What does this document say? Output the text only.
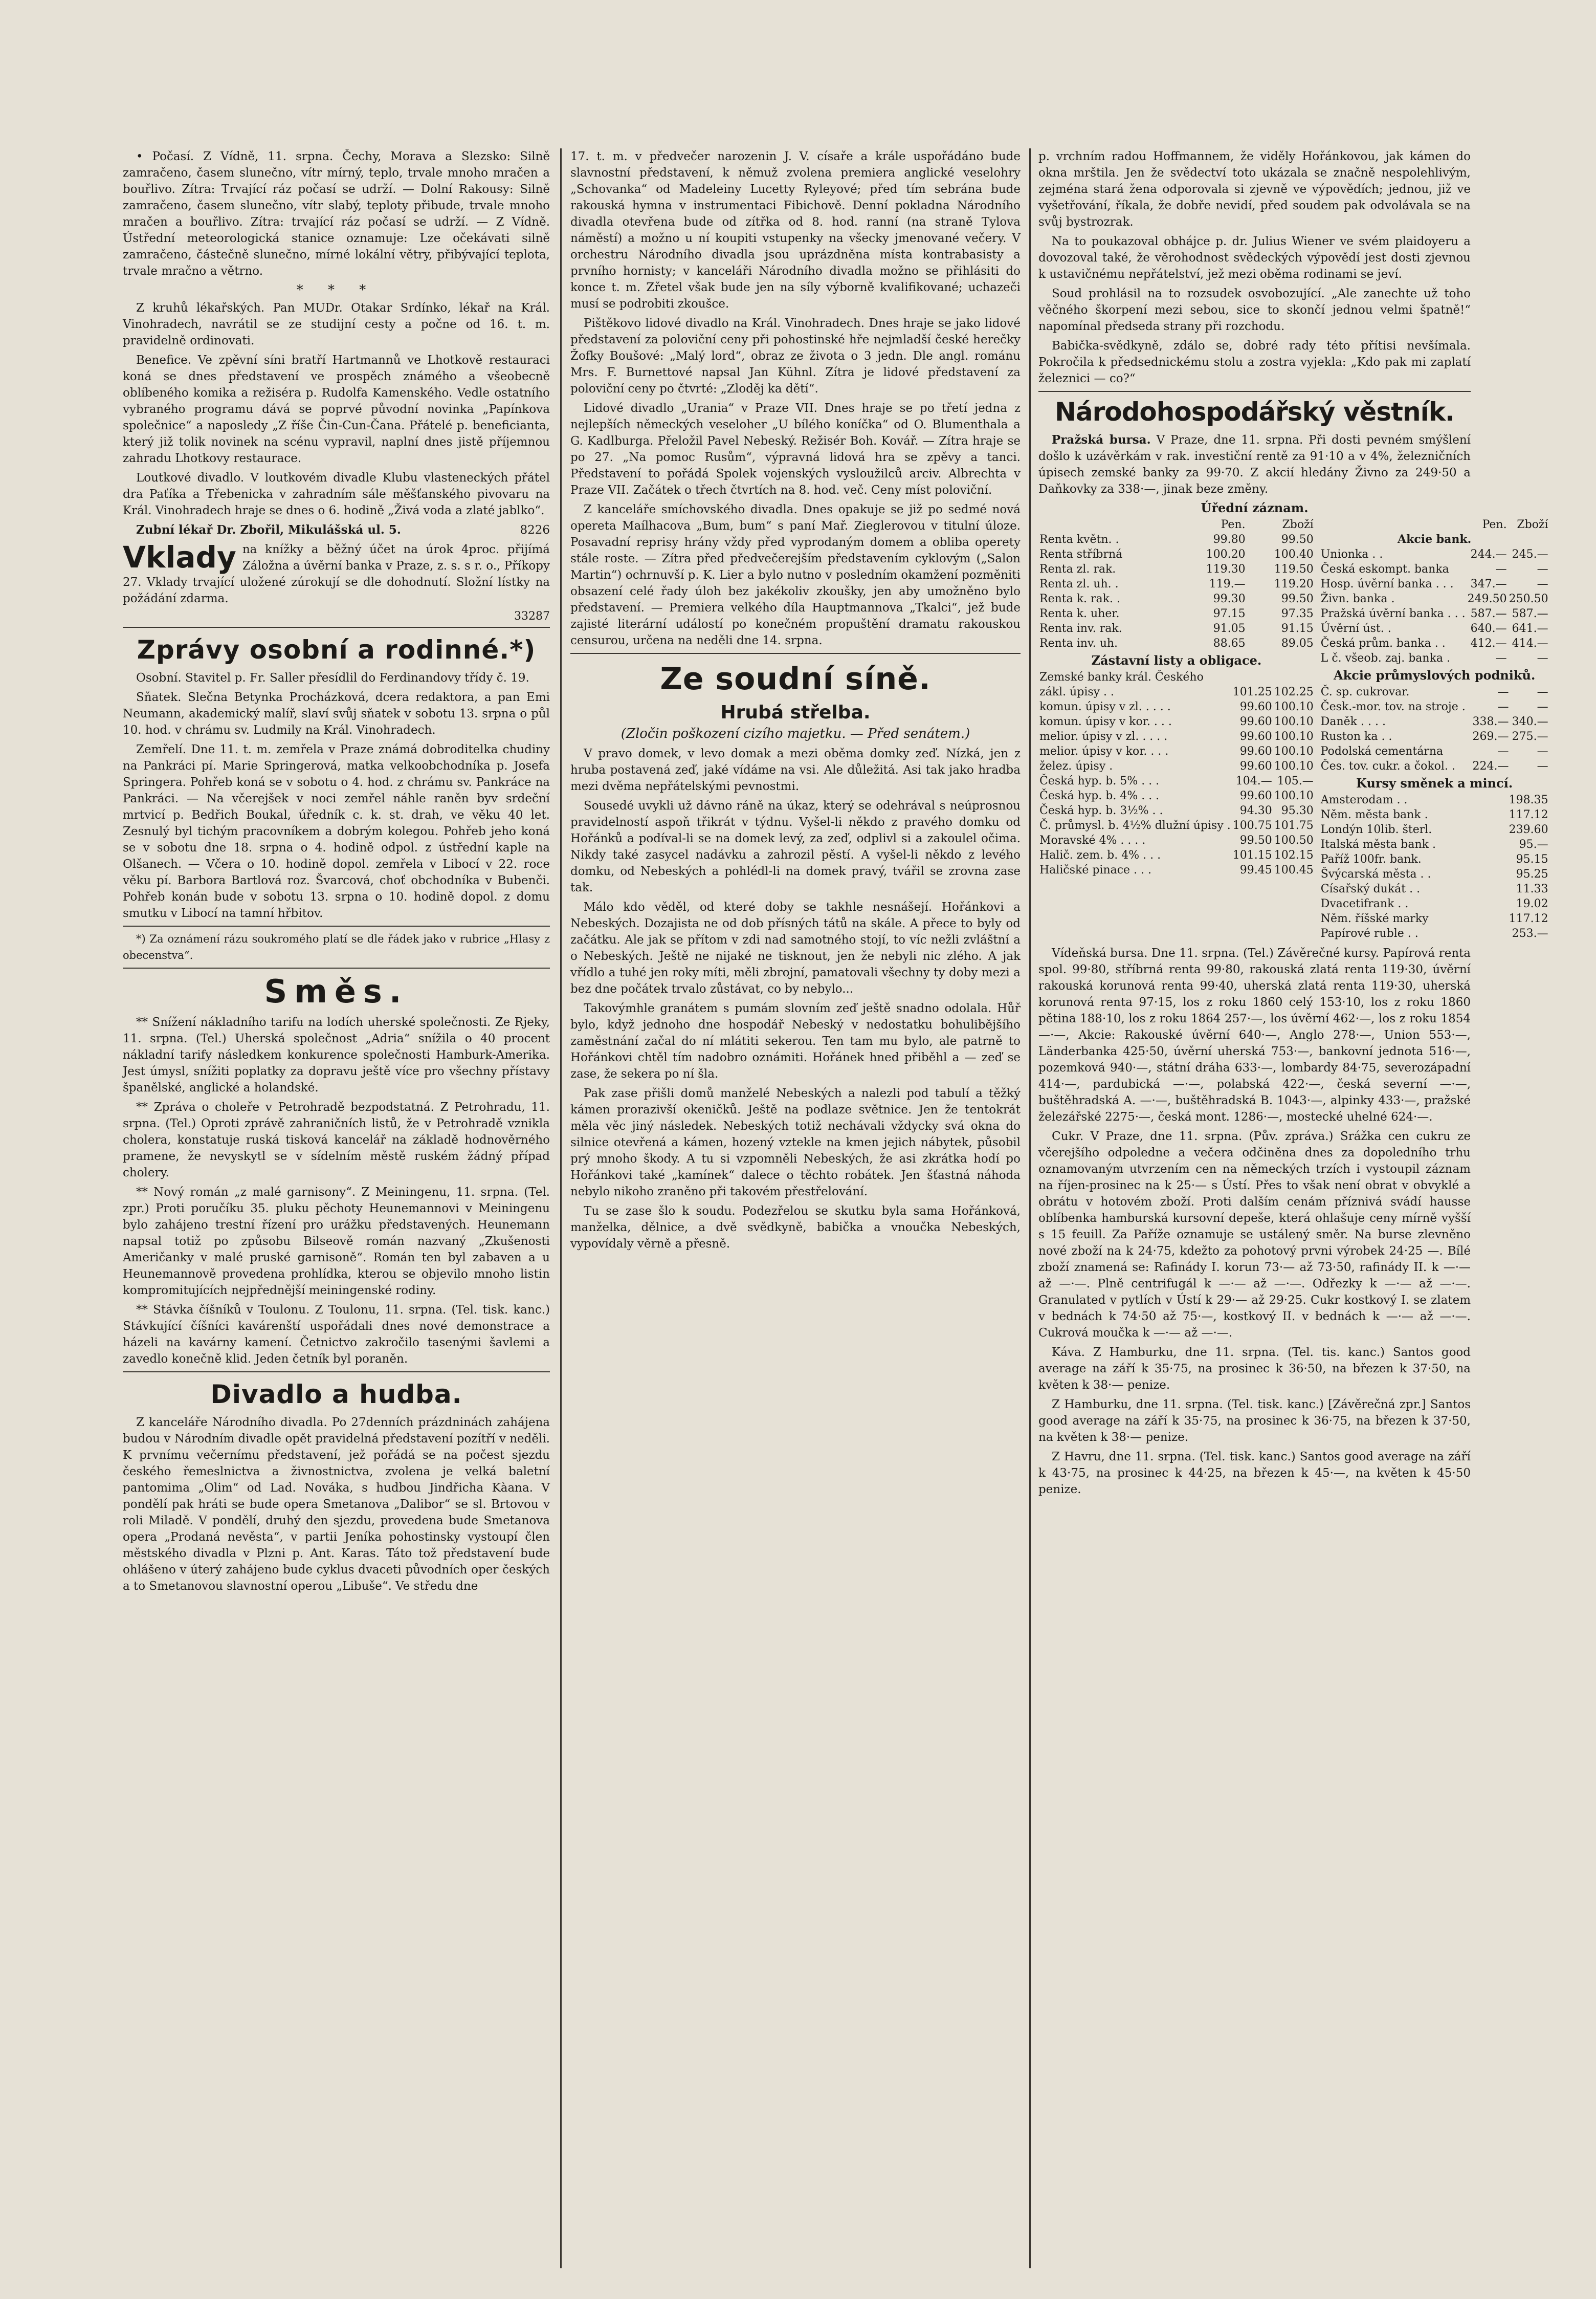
• Počasí. Z Vídně, 11. srpna. Čechy, Morava a Slezsko: Silně zamračeno, časem slunečno, vítr mírný, teplo, trvale mnoho mračen a bouřlivo. Zítra: Trvající ráz počasí se udrží. — Dolní Rakousy: Silně zamračeno, časem slunečno, vítr slabý, teploty přibude, trvale mnoho mračen a bouřlivo. Zítra: trvající ráz počasí se udrží. — Z Vídně. Ústřední meteorologická stanice oznamuje: Lze očekávati silně zamračeno, částečně slunečno, mírné lokální větry, přibývající teplota, trvale mračno a větrno.

* * *

Z kruhů lékařských. Pan MUDr. Otakar Srdínko, lékař na Král. Vinohradech, navrátil se ze studijní cesty a počne od 16. t. m. pravidelně ordinovati.

Benefice. Ve zpěvní síni bratří Hartmannů ve Lhotkově restauraci koná se dnes představení ve prospěch známého a všeobecně oblíbeného komika a režiséra p. Rudolfa Kamenského. Vedle ostatního vybraného programu dává se poprvé původní novinka „Papínkova společnice“ a naposledy „Z říše Čin-Cun-Čana. Přátelé p. beneficianta, který již tolik novinek na scénu vypravil, naplní dnes jistě příjemnou zahradu Lhotkovy restaurace.

Loutkové divadlo. V loutkovém divadle Klubu vlasteneckých přátel dra Paťíka a Třebenicka v zahradním sále měšťanského pivovaru na Král. Vinohradech hraje se dnes o 6. hodině „Živá voda a zlaté jablko“.

Zubní lékař Dr. Zbořil, Mikulášská ul. 5.	8226

Vklady na knížky a běžný účet na úrok 4proc. přijímá Záložna a úvěrní banka v Praze, z. s. s r. o., Příkopy 27. Vklady trvající uložené zúrokují se dle dohodnutí. Složní lístky na požádání zdarma.

33287
Zprávy osobní a rodinné.*)

Osobní. Stavitel p. Fr. Saller přesídlil do Ferdinandovy třídy č. 19.

Sňatek. Slečna Betynka Procházková, dcera redaktora, a pan Emi Neumann, akademický malíř, slaví svůj sňatek v sobotu 13. srpna o půl 10. hod. v chrámu sv. Ludmily na Král. Vinohradech.

Zemřelí. Dne 11. t. m. zemřela v Praze známá dobroditelka chudiny na Pankráci pí. Marie Springerová, matka velkoobchodníka p. Josefa Springera. Pohřeb koná se v sobotu o 4. hod. z chrámu sv. Pankráce na Pankráci. — Na včerejšek v noci zemřel náhle raněn byv srdeční mrtvicí p. Bedřich Boukal, úředník c. k. st. drah, ve věku 40 let. Zesnulý byl tichým pracovníkem a dobrým kolegou. Pohřeb jeho koná se v sobotu dne 18. srpna o 4. hodině odpol. z ústřední kaple na Olšanech. — Včera o 10. hodině dopol. zemřela v Libocí v 22. roce věku pí. Barbora Bartlová roz. Švarcová, choť obchodníka v Bubenči. Pohřeb konán bude v sobotu 13. srpna o 10. hodině dopol. z domu smutku v Libocí na tamní hřbitov.

*) Za oznámení rázu soukromého platí se dle řádek jako v rubrice „Hlasy z obecenstva“.

Směs.

** Snížení nákladního tarifu na lodích uherské společnosti. Ze Rjeky, 11. srpna. (Tel.) Uherská společnost „Adria“ snížila o 40 procent nákladní tarify následkem konkurence společnosti Hamburk-Amerika. Jest úmysl, snížiti poplatky za dopravu ještě více pro všechny přístavy španělské, anglické a holandské.

** Zpráva o choleře v Petrohradě bezpodstatná. Z Petrohradu, 11. srpna. (Tel.) Oproti zprávě zahraničních listů, že v Petrohradě vznikla cholera, konstatuje ruská tisková kancelář na základě hodnověrného pramene, že nevyskytl se v sídelním městě ruském žádný případ cholery.

** Nový román „z malé garnisony“. Z Meiningenu, 11. srpna. (Tel. zpr.) Proti poručíku 35. pluku pěchoty Heunemannovi v Meiningenu bylo zahájeno trestní řízení pro urážku představených. Heunemann napsal totiž po způsobu Bilseově román nazvaný „Zkušenosti Američanky v malé pruské garnisoně“. Román ten byl zabaven a u Heunemannově provedena prohlídka, kterou se objevilo mnoho listin kompromitujících nejpřednější meiningenské rodiny.

** Stávka číšníků v Toulonu. Z Toulonu, 11. srpna. (Tel. tisk. kanc.) Stávkující číšníci kavárenští uspořádali dnes nové demonstrace a házeli na kavárny kamení. Četnictvo zakročilo tasenými šavlemi a zavedlo konečně klid. Jeden četník byl poraněn.

Divadlo a hudba.

Z kanceláře Národního divadla. Po 27denních prázdninách zahájena budou v Národním divadle opět pravidelná představení pozítří v neděli. K prvnímu večernímu představení, jež pořádá se na počest sjezdu českého řemeslnictva a živnostnictva, zvolena je velká baletní pantomima „Olim“ od Lad. Nováka, s hudbou Jindřicha Kàana. V pondělí pak hráti se bude opera Smetanova „Dalibor“ se sl. Brtovou v roli Miladě. V pondělí, druhý den sjezdu, provedena bude Smetanova opera „Prodaná nevěsta“, v partii Jeníka pohostinsky vystoupí člen městského divadla v Plzni p. Ant. Karas. Táto tož představení bude ohlášeno v úterý zahájeno bude cyklus dvaceti původních oper českých a to Smetanovou slavnostní operou „Libuše“. Ve středu dne

17. t. m. v předvečer narozenin J. V. císaře a krále uspořádáno bude slavnostní představení, k němuž zvolena premiera anglické veselohry „Schovanka“ od Madeleiny Lucetty Ryleyové; před tím sebrána bude rakouská hymna v instrumentaci Fibichově. Denní pokladna Národního divadla otevřena bude od zítřka od 8. hod. ranní (na straně Tylova náměstí) a možno u ní koupiti vstupenky na všecky jmenované večery. V orchestru Národního divadla jsou uprázdněna místa kontrabasisty a prvního hornisty; v kanceláři Národního divadla možno se přihlásiti do konce t. m. Zřetel však bude jen na síly výborně kvalifikované; uchazeči musí se podrobiti zkoušce.

Pištěkovo lidové divadlo na Král. Vinohradech. Dnes hraje se jako lidové představení za poloviční ceny při pohostinské hře nejmladší české herečky Žofky Boušové: „Malý lord“, obraz ze života o 3 jedn. Dle angl. románu Mrs. F. Burnettové napsal Jan Kühnl. Zítra je lidové představení za poloviční ceny po čtvrté: „Zloděj ka dětí“.

Lidové divadlo „Urania“ v Praze VII. Dnes hraje se po třetí jedna z nejlepších německých veseloher „U bílého koníčka“ od O. Blumenthala a G. Kadlburga. Přeložil Pavel Nebeský. Režisér Boh. Kovář. — Zítra hraje se po 27. „Na pomoc Rusům“, výpravná lidová hra se zpěvy a tanci. Představení to pořádá Spolek vojenských vysloužilců arciv. Albrechta v Praze VII. Začátek o třech čtvrtích na 8. hod. več. Ceny míst poloviční.

Z kanceláře smíchovského divadla. Dnes opakuje se již po sedmé nová opereta Maílhacova „Bum, bum“ s paní Mař. Zieglerovou v titulní úloze. Posavadní reprisy hrány vždy před vyprodaným domem a obliba operety stále roste. — Zítra před předvečerejším představením cyklovým („Salon Martin“) ochrnuvší p. K. Lier a bylo nutno v posledním okamžení pozměniti obsazení celé řady úloh bez jakékoliv zkoušky, jen aby umožněno bylo představení. — Premiera velkého díla Hauptmannova „Tkalci“, jež bude zajisté literární událostí po konečném propuštění dramatu rakouskou censurou, určena na neděli dne 14. srpna.

Ze soudní síně.
Hrubá střelba.
(Zločin poškození cizího majetku. — Před senátem.)

V pravo domek, v levo domak a mezi oběma domky zeď. Nízká, jen z hruba postavená zeď, jaké vídáme na vsi. Ale důležitá. Asi tak jako hradba mezi dvěma nepřátelskými pevnostmi.

Sousedé uvykli už dávno ráně na úkaz, který se odehrával s neúprosnou pravidelností aspoň třikrát v týdnu. Vyšel-li někdo z pravého domku od Hořánků a podíval-li se na domek levý, za zeď, odplivl si a zakoulel očima. Nikdy také zasycel nadávku a zahrozil pěstí. A vyšel-li někdo z levého domku, od Nebeských a pohlédl-li na domek pravý, tvářil se zrovna zase tak.

Málo kdo věděl, od které doby se takhle nesnášejí. Hořánkovi a Nebeských. Dozajista ne od dob přísných tátů na skále. A přece to byly od začátku. Ale jak se přítom v zdi nad samotného stojí, to víc nežli zvláštní a o Nebeských. Ještě ne nijaké ne tisknout, jen že nebyli nic zlého. A jak vřídlo a tuhé jen roky míti, měli zbrojní, pamatovali všechny ty doby mezi a bez dne počátek trvalo zůstávat, co by nebylo...

Takovýmhle granátem s pumám slovním zeď ještě snadno odolala. Hůř bylo, když jednoho dne hospodář Nebeský v nedostatku bohulibějšího zaměstnání začal do ní mlátiti sekerou. Ten tam mu bylo, ale patrně to Hořánkovi chtěl tím nadobro oznámiti. Hořánek hned přiběhl a — zeď se zase, že sekera po ní šla.

Pak zase přišli domů manželé Nebeských a nalezli pod tabulí a těžký kámen prorazivší okeničků. Ještě na podlaze světnice. Jen že tentokrát měla věc jiný následek. Nebeských totiž nechávali vždycky svá okna do silnice otevřená a kámen, hozený vztekle na kmen jejich nábytek, působil prý mnoho škody. A tu si vzpomněli Nebeských, že asi zkrátka hodí po Hořánkovi také „kamínek“ dalece o těchto robátek. Jen šťastná náhoda nebylo nikoho zraněno při takovém přestřelování.

Tu se zase šlo k soudu. Podezřelou se skutku byla sama Hořánková, manželka, dělnice, a dvě svědkyně, babička a vnoučka Nebeských, vypovídaly věrně a přesně.

p. vrchním radou Hoffmannem, že viděly Hořánkovou, jak kámen do okna mrštila. Jen že svědectví toto ukázala se značně nespolehlivým, zejména stará žena odporovala si zjevně ve výpovědích; jednou, již ve vyšetřování, říkala, že dobře nevidí, před soudem pak odvolávala se na svůj bystrozrak.

Na to poukazoval obhájce p. dr. Julius Wiener ve svém plaidoyeru a dovozoval také, že věrohodnost svědeckých výpovědí jest dosti zjevnou k ustavičnému nepřátelství, jež mezi oběma rodinami se jeví.

Soud prohlásil na to rozsudek osvobozující. „Ale zanechte už toho věčného škorpení mezi sebou, sice to skončí jednou velmi špatně!“ napomínal předseda strany při rozchodu.

Babička-svědkyně, zdálo se, dobré rady této přítisi nevšímala. Pokročila k předsednickému stolu a zostra vyjekla: „Kdo pak mi zaplatí železnici — co?“

Národohospodářský věstník.

Pražská bursa. V Praze, dne 11. srpna. Při dosti pevném smýšlení došlo k uzávěrkám v rak. investiční rentě za 91·10 a v 4%, železničních úpisech zemské banky za 99·70. Z akcií hledány Živno za 249·50 a Daňkovky za 338·—, jinak beze změny.

Úřední záznam.
	Pen.	Zboží
Renta květn. .	99.80	99.50
Renta stříbrná	100.20	100.40
Renta zl. rak.	119.30	119.50
Renta zl. uh. .	119.—	119.20
Renta k. rak. .	99.30	99.50
Renta k. uher.	97.15	97.35
Renta inv. rak.	91.05	91.15
Renta inv. uh.	88.65	89.05
Zástavní listy a obligace.
Zemské banky král. Českého		
zákl. úpisy . .	101.25	102.25
komun. úpisy v zl. . . . .	99.60	100.10
komun. úpisy v kor. . . .	99.60	100.10
melior. úpisy v zl. . . . .	99.60	100.10
melior. úpisy v kor. . . .	99.60	100.10
želez. úpisy .	99.60	100.10
Česká hyp. b. 5% . . .	104.—	105.—
Česká hyp. b. 4% . . .	99.60	100.10
Česká hyp. b. 3½% . .	94.30	95.30
Č. průmysl. b. 4½% dlužní úpisy .	100.75	101.75
Moravské 4% . . . .	99.50	100.50
Halič. zem. b. 4% . . .	101.15	102.15
Haličské pinace . . .	99.45	100.45
	Pen.	Zboží
Akcie bank.		
Unionka . .	244.—	245.—
Česká eskompt. banka	—	—
Hosp. úvěrní banka . . .	347.—	—
Živn. banka .	249.50	250.50
Pražská úvěrní banka . . .	587.—	587.—
Úvěrní úst. .	640.—	641.—
Česká prům. banka . .	412.—	414.—
L č. všeob. zaj. banka .	—	—
Akcie průmyslových podniků.
Č. sp. cukrovar.	—	—
Česk.-mor. tov. na stroje .	—	—
Daněk . . . .	338.—	340.—
Ruston ka . .	269.—	275.—
Podolská cementárna	—	—
Čes. tov. cukr. a čokol. .	224.—	—
Kursy směnek a mincí.
Amsterodam . .		198.35
Něm. města bank .		117.12
Londýn 10lib. šterl.		239.60
Italská města bank .		95.—
Paříž 100fr. bank.		95.15
Švýcarská města . .		95.25
Císařský dukát . .		11.33
Dvacetifrank . .		19.02
Něm. říšské marky		117.12
Papírové ruble . .		253.—

Vídeňská bursa. Dne 11. srpna. (Tel.) Závěrečné kursy. Papírová renta spol. 99·80, stříbrná renta 99·80, rakouská zlatá renta 119·30, úvěrní rakouská korunová renta 99·40, uherská zlatá renta 119·30, uherská korunová renta 97·15, los z roku 1860 celý 153·10, los z roku 1860 pětina 188·10, los z roku 1864 257·—, los úvěrní 462·—, los z roku 1854 —·—, Akcie: Rakouské úvěrní 640·—, Anglo 278·—, Union 553·—, Länderbanka 425·50, úvěrní uherská 753·—, bankovní jednota 516·—, pozemková 940·—, státní dráha 633·—, lombardy 84·75, severozápadní 414·—, pardubická —·—, polabská 422·—, česká severní —·—, buštěhradská A. —·—, buštěhradská B. 1043·—, alpinky 433·—, pražské železářské 2275·—, česká mont. 1286·—, mostecké uhelné 624·—.

Cukr. V Praze, dne 11. srpna. (Pův. zpráva.) Srážka cen cukru ze včerejšího odpoledne a večera odčiněna dnes za dopoledního trhu oznamovaným utvrzením cen na německých trzích i vystoupil záznam na říjen-prosinec na k 25·— s Ústí. Přes to však není obrat v obvyklé a obrátu v hotovém zboží. Proti dalším cenám příznivá svádí hausse oblíbenka hamburská kursovní depeše, která ohlašuje ceny mírně vyšší s 15 feuill. Za Paříže oznamuje se ustálený směr. Na burse zlevněno nové zboží na k 24·75, kdežto za pohotový prvni výrobek 24·25 —. Bílé zboží znamená se: Rafinády I. korun 73·— až 73·50, rafinády II. k —·— až —·—. Plně centrifugál k —·— až —·—. Odřezky k —·— až —·—. Granulated v pytlích v Ústí k 29·— až 29·25. Cukr kostkový I. se zlatem v bednách k 74·50 až 75·—, kostkový II. v bednách k —·— až —·—. Cukrová moučka k —·— až —·—.

Káva. Z Hamburku, dne 11. srpna. (Tel. tis. kanc.) Santos good average na září k 35·75, na prosinec k 36·50, na březen k 37·50, na květen k 38·— penize.

Z Hamburku, dne 11. srpna. (Tel. tisk. kanc.) [Závěrečná zpr.] Santos good average na září k 35·75, na prosinec k 36·75, na březen k 37·50, na květen k 38·— penize.

Z Havru, dne 11. srpna. (Tel. tisk. kanc.) Santos good average na září k 43·75, na prosinec k 44·25, na březen k 45·—, na květen k 45·50 penize.
